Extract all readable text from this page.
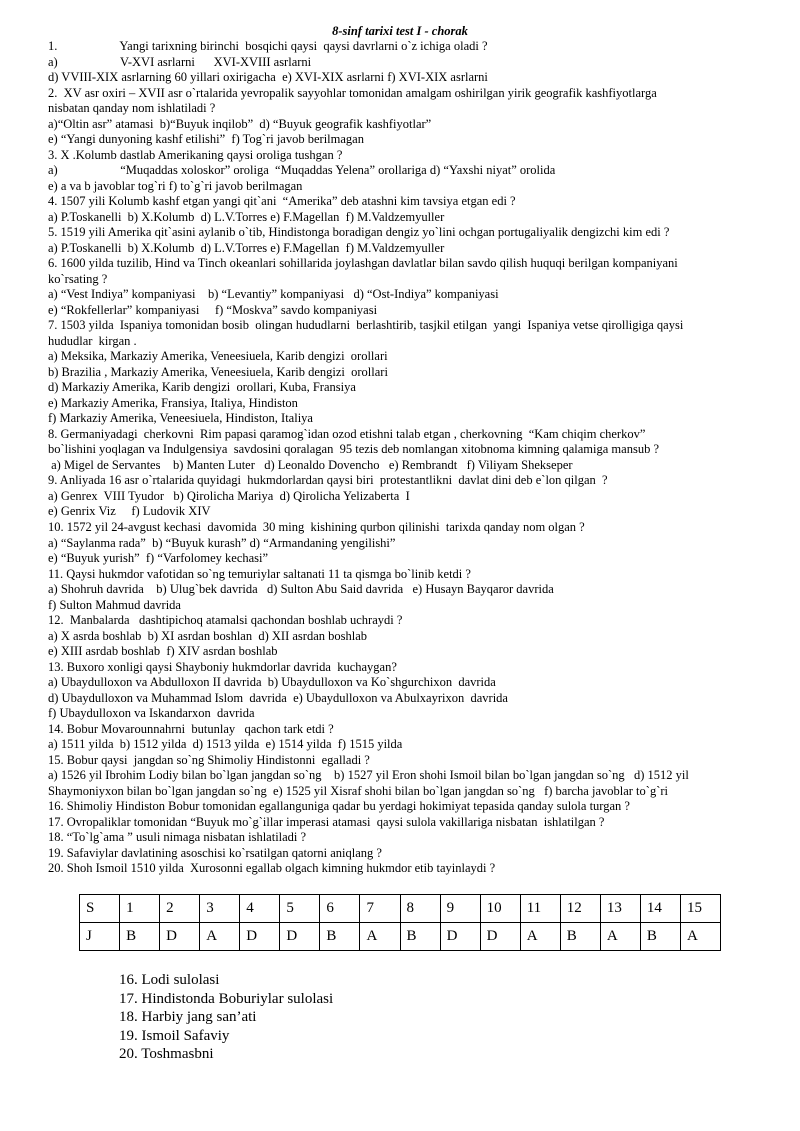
8-sinf tarixi test I - chorak
1.                    Yangi tarixning birinchi  bosqichi qaysi  qaysi davrlarni o`z ichiga oladi ?
a)                    V-XVI asrlarni      XVI-XVIII asrlarni
d) VVIII-XIX asrlarning 60 yillari oxirigacha  e) XVI-XIX asrlarni f) XVI-XIX asrlarni
2.  XV asr oxiri – XVII asr o`rtalarida yevropalik sayyohlar tomonidan amalgam oshirilgan yirik geografik kashfiyotlarga
nisbatan qanday nom ishlatiladi ?
a)“Oltin asr” atamasi  b)“Buyuk inqilob”  d) “Buyuk geografik kashfiyotlar”
e) “Yangi dunyoning kashf etilishi”  f) Tog`ri javob berilmagan
3. X .Kolumb dastlab Amerikaning qaysi oroliga tushgan ?
a)                    “Muqaddas xoloskor” oroliga  “Muqaddas Yelena” orollariga d) “Yaxshi niyat” orolida
e) a va b javoblar tog`ri f) to`g`ri javob berilmagan
4. 1507 yili Kolumb kashf etgan yangi qit`ani  “Amerika” deb atashni kim tavsiya etgan edi ?
a) P.Toskanelli  b) X.Kolumb  d) L.V.Torres e) F.Magellan  f) M.Valdzemyuller
5. 1519 yili Amerika qit`asini aylanib o`tib, Hindistonga boradigan dengiz yo`lini ochgan portugaliyalik dengizchi kim edi ?
a) P.Toskanelli  b) X.Kolumb  d) L.V.Torres e) F.Magellan  f) M.Valdzemyuller
6. 1600 yilda tuzilib, Hind va Tinch okeanlari sohillarida joylashgan davlatlar bilan savdo qilish huquqi berilgan kompaniyani
ko`rsating ?
a) “Vest Indiya” kompaniyasi    b) “Levantiy” kompaniyasi   d) “Ost-Indiya” kompaniyasi
e) “Rokfellerlar” kompaniyasi     f) “Moskva” savdo kompaniyasi
7. 1503 yilda  Ispaniya tomonidan bosib  olingan hududlarni  berlashtirib, tasjkil etilgan  yangi  Ispaniya vetse qirolligiga qaysi
hududlar  kirgan .
a) Meksika, Markaziy Amerika, Veneesiuela, Karib dengizi  orollari
b) Brazilia , Markaziy Amerika, Veneesiuela, Karib dengizi  orollari
d) Markaziy Amerika, Karib dengizi  orollari, Kuba, Fransiya
e) Markaziy Amerika, Fransiya, Italiya, Hindiston
f) Markaziy Amerika, Veneesiuela, Hindiston, Italiya
8. Germaniyadagi  cherkovni  Rim papasi qaramog`idan ozod etishni talab etgan , cherkovning  “Kam chiqim cherkov”
bo`lishini yoqlagan va Indulgensiya  savdosini qoralagan  95 tezis deb nomlangan xitobnoma kimning qalamiga mansub ?
a) Migel de Servantes    b) Manten Luter   d) Leonaldo Dovencho   e) Rembrandt   f) Viliyam Shekseper
9. Anliyada 16 asr o`rtalarida quyidagi  hukmdorlardan qaysi biri  protestantlikni  davlat dini deb e`lon qilgan  ?
a) Genrex  VIII Tyudor   b) Qirolicha Mariya  d) Qirolicha Yelizaberta  I
e) Genrix Viz     f) Ludovik XIV
10. 1572 yil 24-avgust kechasi  davomida  30 ming  kishining qurbon qilinishi  tarixda qanday nom olgan ?
a) “Saylanma rada”  b) “Buyuk kurash” d) “Armandaning yengilishi”
e) “Buyuk yurish”  f) “Varfolomey kechasi”
11. Qaysi hukmdor vafotidan so`ng temuriylar saltanati 11 ta qismga bo`linib ketdi ?
a) Shohruh davrida    b) Ulug`bek davrida   d) Sulton Abu Said davrida   e) Husayn Bayqaror davrida
f) Sulton Mahmud davrida
12.  Manbalarda   dashtipichoq atamalsi qachondan boshlab uchraydi ?
a) X asrda boshlab  b) XI asrdan boshlan  d) XII asrdan boshlab
e) XIII asrdab boshlab  f) XIV asrdan boshlab
13. Buxoro xonligi qaysi Shayboniy hukmdorlar davrida  kuchaygan?
a) Ubaydulloxon va Abdulloxon II davrida  b) Ubaydulloxon va Ko`shgurchixon  davrida
d) Ubaydulloxon va Muhammad Islom  davrida  e) Ubaydulloxon va Abulxayrixon  davrida
f) Ubaydulloxon va Iskandarxon  davrida
14. Bobur Movarounnahrni  butunlay   qachon tark etdi ?
a) 1511 yilda  b) 1512 yilda  d) 1513 yilda  e) 1514 yilda  f) 1515 yilda
15. Bobur qaysi  jangdan so`ng Shimoliy Hindistonni  egalladi ?
a) 1526 yil Ibrohim Lodiy bilan bo`lgan jangdan so`ng    b) 1527 yil Eron shohi Ismoil bilan bo`lgan jangdan so`ng   d) 1512 yil
Shaymoniyxon bilan bo`lgan jangdan so`ng  e) 1525 yil Xisraf shohi bilan bo`lgan jangdan so`ng   f) barcha javoblar to`g`ri
16. Shimoliy Hindiston Bobur tomonidan egallanguniga qadar bu yerdagi hokimiyat tepasida qanday sulola turgan ?
17. Ovropaliklar tomonidan “Buyuk mo`g`illar imperasi atamasi  qaysi sulola vakillariga nisbatan  ishlatilgan ?
18. “To`lg`ama ” usuli nimaga nisbatan ishlatiladi ?
19. Safaviylar davlatining asoschisi ko`rsatilgan qatorni aniqlang ?
20. Shoh Ismoil 1510 yilda  Xurosonni egallab olgach kimning hukmdor etib tayinlaydi ?
S	1	2	3	4	5	6	7	8	9	10	11	12	13	14	15
J	B	D	A	D	D	B	A	B	D	D	A	B	A	B	A
16. Lodi sulolasi
17. Hindistonda Boburiylar sulolasi
18. Harbiy jang san’ati
19. Ismoil Safaviy
20. Toshmasbni
